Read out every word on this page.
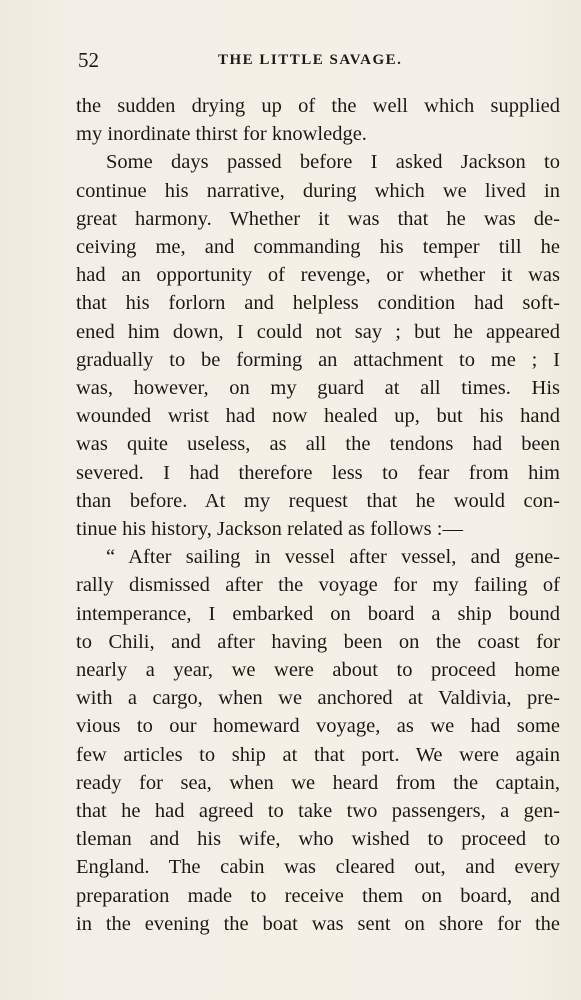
52	THE LITTLE SAVAGE.
the sudden drying up of the well which supplied
my inordinate thirst for knowledge.
Some days passed before I asked Jackson to
continue his narrative, during which we lived in
great harmony. Whether it was that he was de-
ceiving me, and commanding his temper till he
had an opportunity of revenge, or whether it was
that his forlorn and helpless condition had soft-
ened him down, I could not say ; but he appeared
gradually to be forming an attachment to me ; I
was, however, on my guard at all times. His
wounded wrist had now healed up, but his hand
was quite useless, as all the tendons had been
severed. I had therefore less to fear from him
than before. At my request that he would con-
tinue his history, Jackson related as follows :—
“ After sailing in vessel after vessel, and gene-
rally dismissed after the voyage for my failing of
intemperance, I embarked on board a ship bound
to Chili, and after having been on the coast for
nearly a year, we were about to proceed home
with a cargo, when we anchored at Valdivia, pre-
vious to our homeward voyage, as we had some
few articles to ship at that port. We were again
ready for sea, when we heard from the captain,
that he had agreed to take two passengers, a gen-
tleman and his wife, who wished to proceed to
England. The cabin was cleared out, and every
preparation made to receive them on board, and
in the evening the boat was sent on shore for the
